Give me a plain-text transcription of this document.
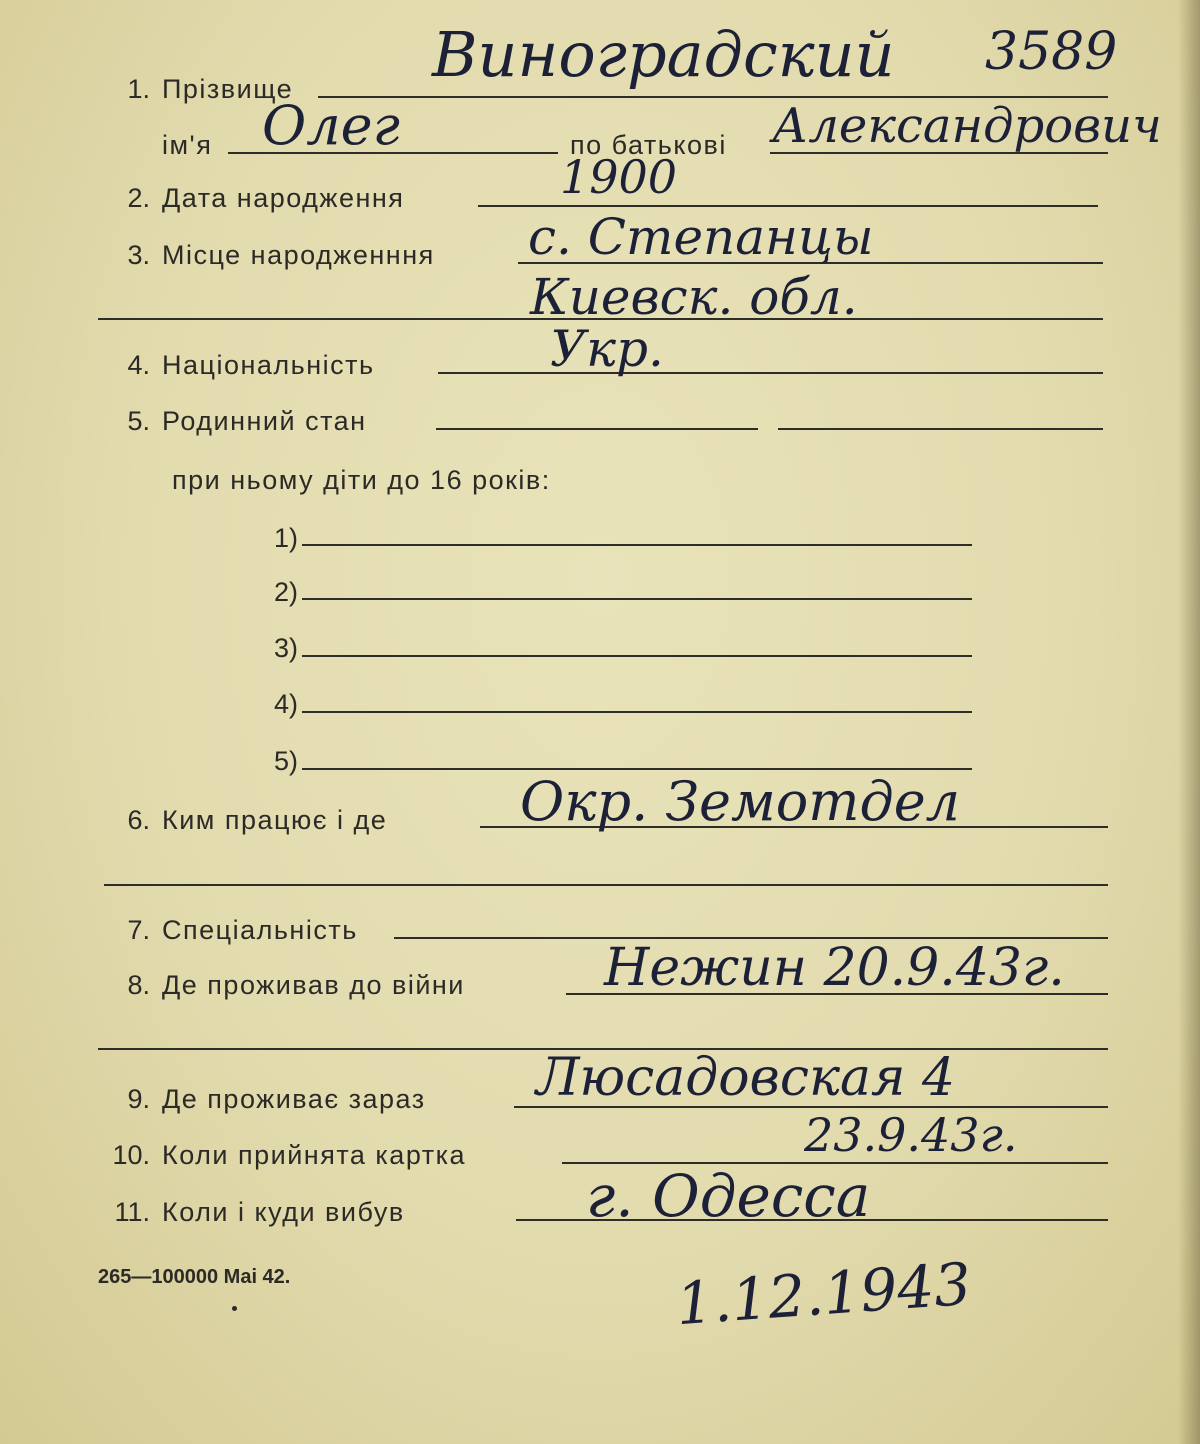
1. Прізвище Виноградский 3589
ім'я Олег	по батькові Александрович
2. Дата народження	1900
3. Місце народженння с. Степанцы
Киевск. обл.
4. Національність	Укр.
5. Родинний стан
при ньому діти до 16 років:
1)
2)
3)
4)
5)
6. Ким працює і де Окр. Земотдел
7. Спеціальність
8. Де проживав до війни	Нежин 20.9.43г.
9. Де проживає зараз Люсадовская 4
10. Коли прийнята картка	23.9.43г.
11. Коли і куди вибув	г. Одесса
1.12.1943
265—100000 Mai 42.
